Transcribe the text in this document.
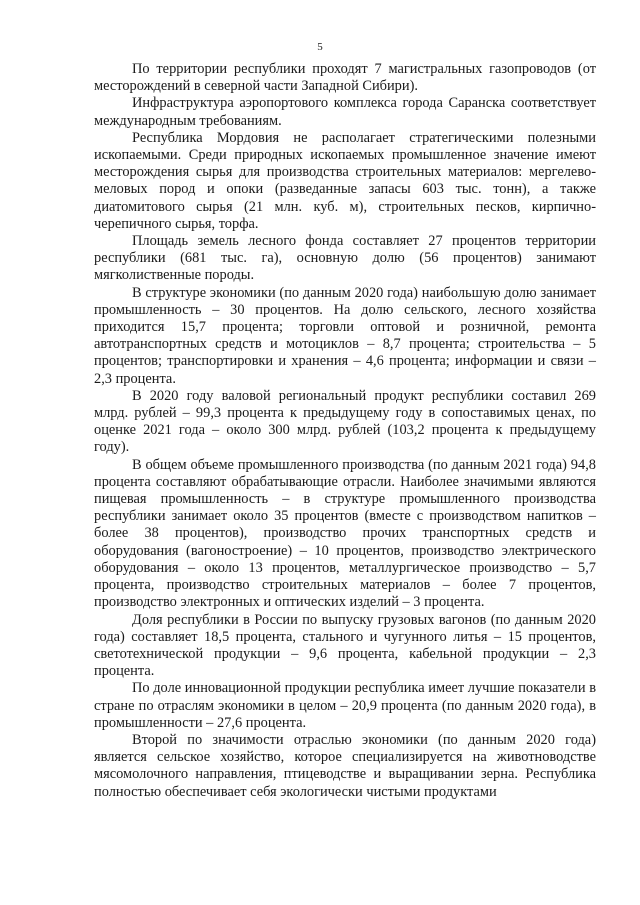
5

По территории республики проходят 7 магистральных газопроводов (от месторождений в северной части Западной Сибири).

Инфраструктура аэропортового комплекса города Саранска соответствует международным требованиям.

Республика Мордовия не располагает стратегическими полезными ископаемыми. Среди природных ископаемых промышленное значение имеют месторождения сырья для производства строительных материалов: мергелево-меловых пород и опоки (разведанные запасы 603 тыс. тонн), а также диатомитового сырья (21 млн. куб. м), строительных песков, кирпично-черепичного сырья, торфа.

Площадь земель лесного фонда составляет 27 процентов территории республики (681 тыс. га), основную долю (56 процентов) занимают мягколиственные породы.

В структуре экономики (по данным 2020 года) наибольшую долю занимает промышленность – 30 процентов. На долю сельского, лесного хозяйства приходится 15,7 процента; торговли оптовой и розничной, ремонта автотранспортных средств и мотоциклов – 8,7 процента; строительства – 5 процентов; транспортировки и хранения – 4,6 процента; информации и связи – 2,3 процента.

В 2020 году валовой региональный продукт республики составил 269 млрд. рублей – 99,3 процента к предыдущему году в сопоставимых ценах, по оценке 2021 года – около 300 млрд. рублей (103,2 процента к предыдущему году).

В общем объеме промышленного производства (по данным 2021 года) 94,8 процента составляют обрабатывающие отрасли. Наиболее значимыми являются пищевая промышленность – в структуре промышленного производства республики занимает около 35 процентов (вместе с производством напитков – более 38 процентов), производство прочих транспортных средств и оборудования (вагоностроение) – 10 процентов, производство электрического оборудования – около 13 процентов, металлургическое производство – 5,7 процента, производство строительных материалов – более 7 процентов, производство электронных и оптических изделий – 3 процента.

Доля республики в России по выпуску грузовых вагонов (по данным 2020 года) составляет 18,5 процента, стального и чугунного литья – 15 процентов, светотехнической продукции – 9,6 процента, кабельной продукции – 2,3 процента.

По доле инновационной продукции республика имеет лучшие показатели в стране по отраслям экономики в целом – 20,9 процента (по данным 2020 года), в промышленности – 27,6 процента.

Второй по значимости отраслью экономики (по данным 2020 года) является сельское хозяйство, которое специализируется на животноводстве мясомолочного направления, птицеводстве и выращивании зерна. Республика полностью обеспечивает себя экологически чистыми продуктами
